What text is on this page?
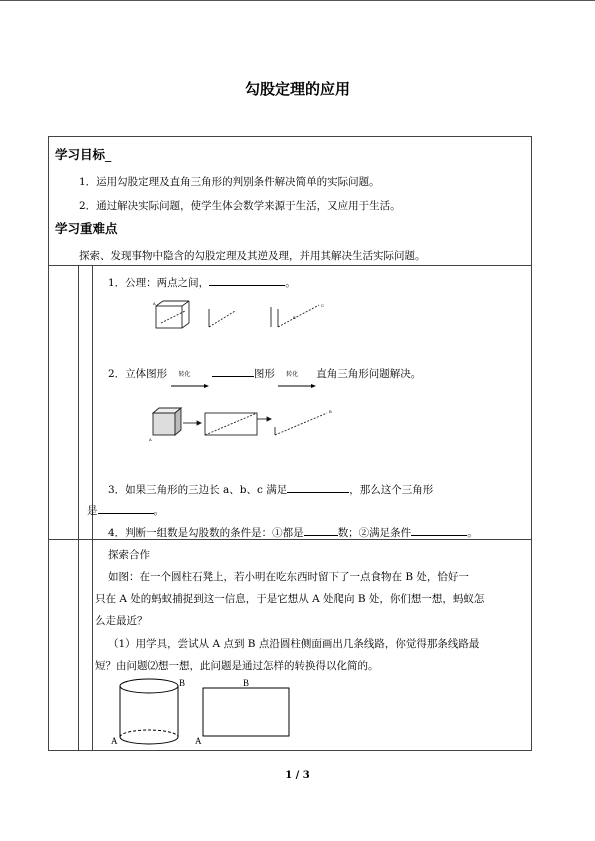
勾股定理的应用
学习目标_
1．运用勾股定理及直角三角形的判别条件解决简单的实际问题。
2．通过解决实际问题，使学生体会数学来源于生活，又应用于生活。
学习重难点
探索、发现事物中隐含的勾股定理及其逆及理，并用其解决生活实际问题。
1．公理：两点之间，	。
A	C
B
2．立体图形 转化	图形 转化 直角三角形问题解决。
A
B
3．如果三角形的三边长 a、b、c 满足	，那么这个三角形
是	。
4．判断一组数是勾股数的条件是：①都是	数；②满足条件	。
探索合作
如图：在一个圆柱石凳上，若小明在吃东西时留下了一点食物在 B 处，恰好一
只在 A 处的蚂蚁捕捉到这一信息，于是它想从 A 处爬向 B 处，你们想一想，蚂蚁怎
么走最近？
（1）用学具，尝试从 A 点到 B 点沿圆柱侧面画出几条线路，你觉得那条线路最
短？由问题⑵想一想，此问题是通过怎样的转换得以化简的。
B
A
B
A
1 / 3
